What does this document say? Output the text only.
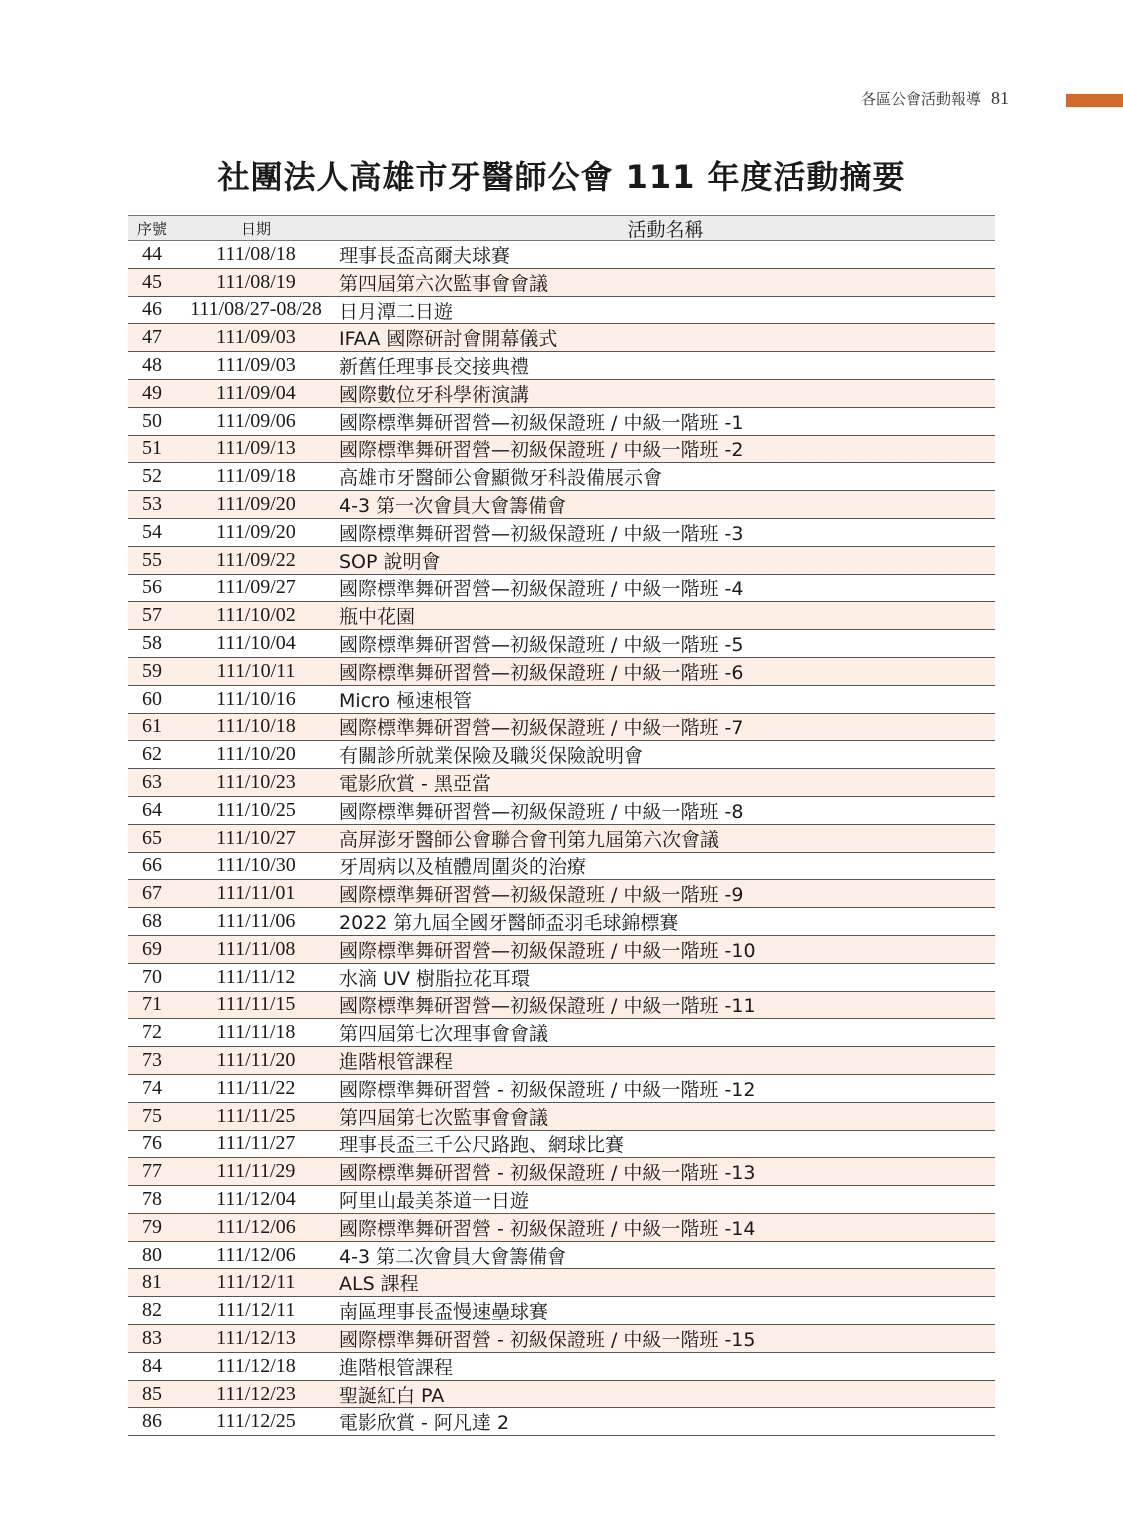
各區公會活動報導 81
社團法人高雄市牙醫師公會 111 年度活動摘要
序號	日期	活動名稱
44	111/08/18	理事長盃高爾夫球賽
45	111/08/19	第四屆第六次監事會會議
46	111/08/27-08/28 日月潭二日遊
47	111/09/03	IFAA 國際研討會開幕儀式
48	111/09/03	新舊任理事長交接典禮
49	111/09/04	國際數位牙科學術演講
50	111/09/06	國際標準舞研習營—初級保證班 / 中級一階班 -1
51	111/09/13	國際標準舞研習營—初級保證班 / 中級一階班 -2
52	111/09/18	高雄市牙醫師公會顯微牙科設備展示會
53	111/09/20	4-3 第一次會員大會籌備會
54	111/09/20	國際標準舞研習營—初級保證班 / 中級一階班 -3
55	111/09/22	SOP 說明會
56	111/09/27	國際標準舞研習營—初級保證班 / 中級一階班 -4
57	111/10/02	瓶中花園
58	111/10/04	國際標準舞研習營—初級保證班 / 中級一階班 -5
59	111/10/11	國際標準舞研習營—初級保證班 / 中級一階班 -6
60	111/10/16	Micro 極速根管
61	111/10/18	國際標準舞研習營—初級保證班 / 中級一階班 -7
62	111/10/20	有關診所就業保險及職災保險說明會
63	111/10/23	電影欣賞 - 黑亞當
64	111/10/25	國際標準舞研習營—初級保證班 / 中級一階班 -8
65	111/10/27	高屏澎牙醫師公會聯合會刊第九屆第六次會議
66	111/10/30	牙周病以及植體周圍炎的治療
67	111/11/01	國際標準舞研習營—初級保證班 / 中級一階班 -9
68	111/11/06	2022 第九屆全國牙醫師盃羽毛球錦標賽
69	111/11/08	國際標準舞研習營—初級保證班 / 中級一階班 -10
70	111/11/12	水滴 UV 樹脂拉花耳環
71	111/11/15	國際標準舞研習營—初級保證班 / 中級一階班 -11
72	111/11/18	第四屆第七次理事會會議
73	111/11/20	進階根管課程
74	111/11/22	國際標準舞研習營 - 初級保證班 / 中級一階班 -12
75	111/11/25	第四屆第七次監事會會議
76	111/11/27	理事長盃三千公尺路跑、網球比賽
77	111/11/29	國際標準舞研習營 - 初級保證班 / 中級一階班 -13
78	111/12/04	阿里山最美茶道一日遊
79	111/12/06	國際標準舞研習營 - 初級保證班 / 中級一階班 -14
80	111/12/06	4-3 第二次會員大會籌備會
81	111/12/11	ALS 課程
82	111/12/11	南區理事長盃慢速壘球賽
83	111/12/13	國際標準舞研習營 - 初級保證班 / 中級一階班 -15
84	111/12/18	進階根管課程
85	111/12/23	聖誕紅白 PA
86	111/12/25	電影欣賞 - 阿凡達 2
